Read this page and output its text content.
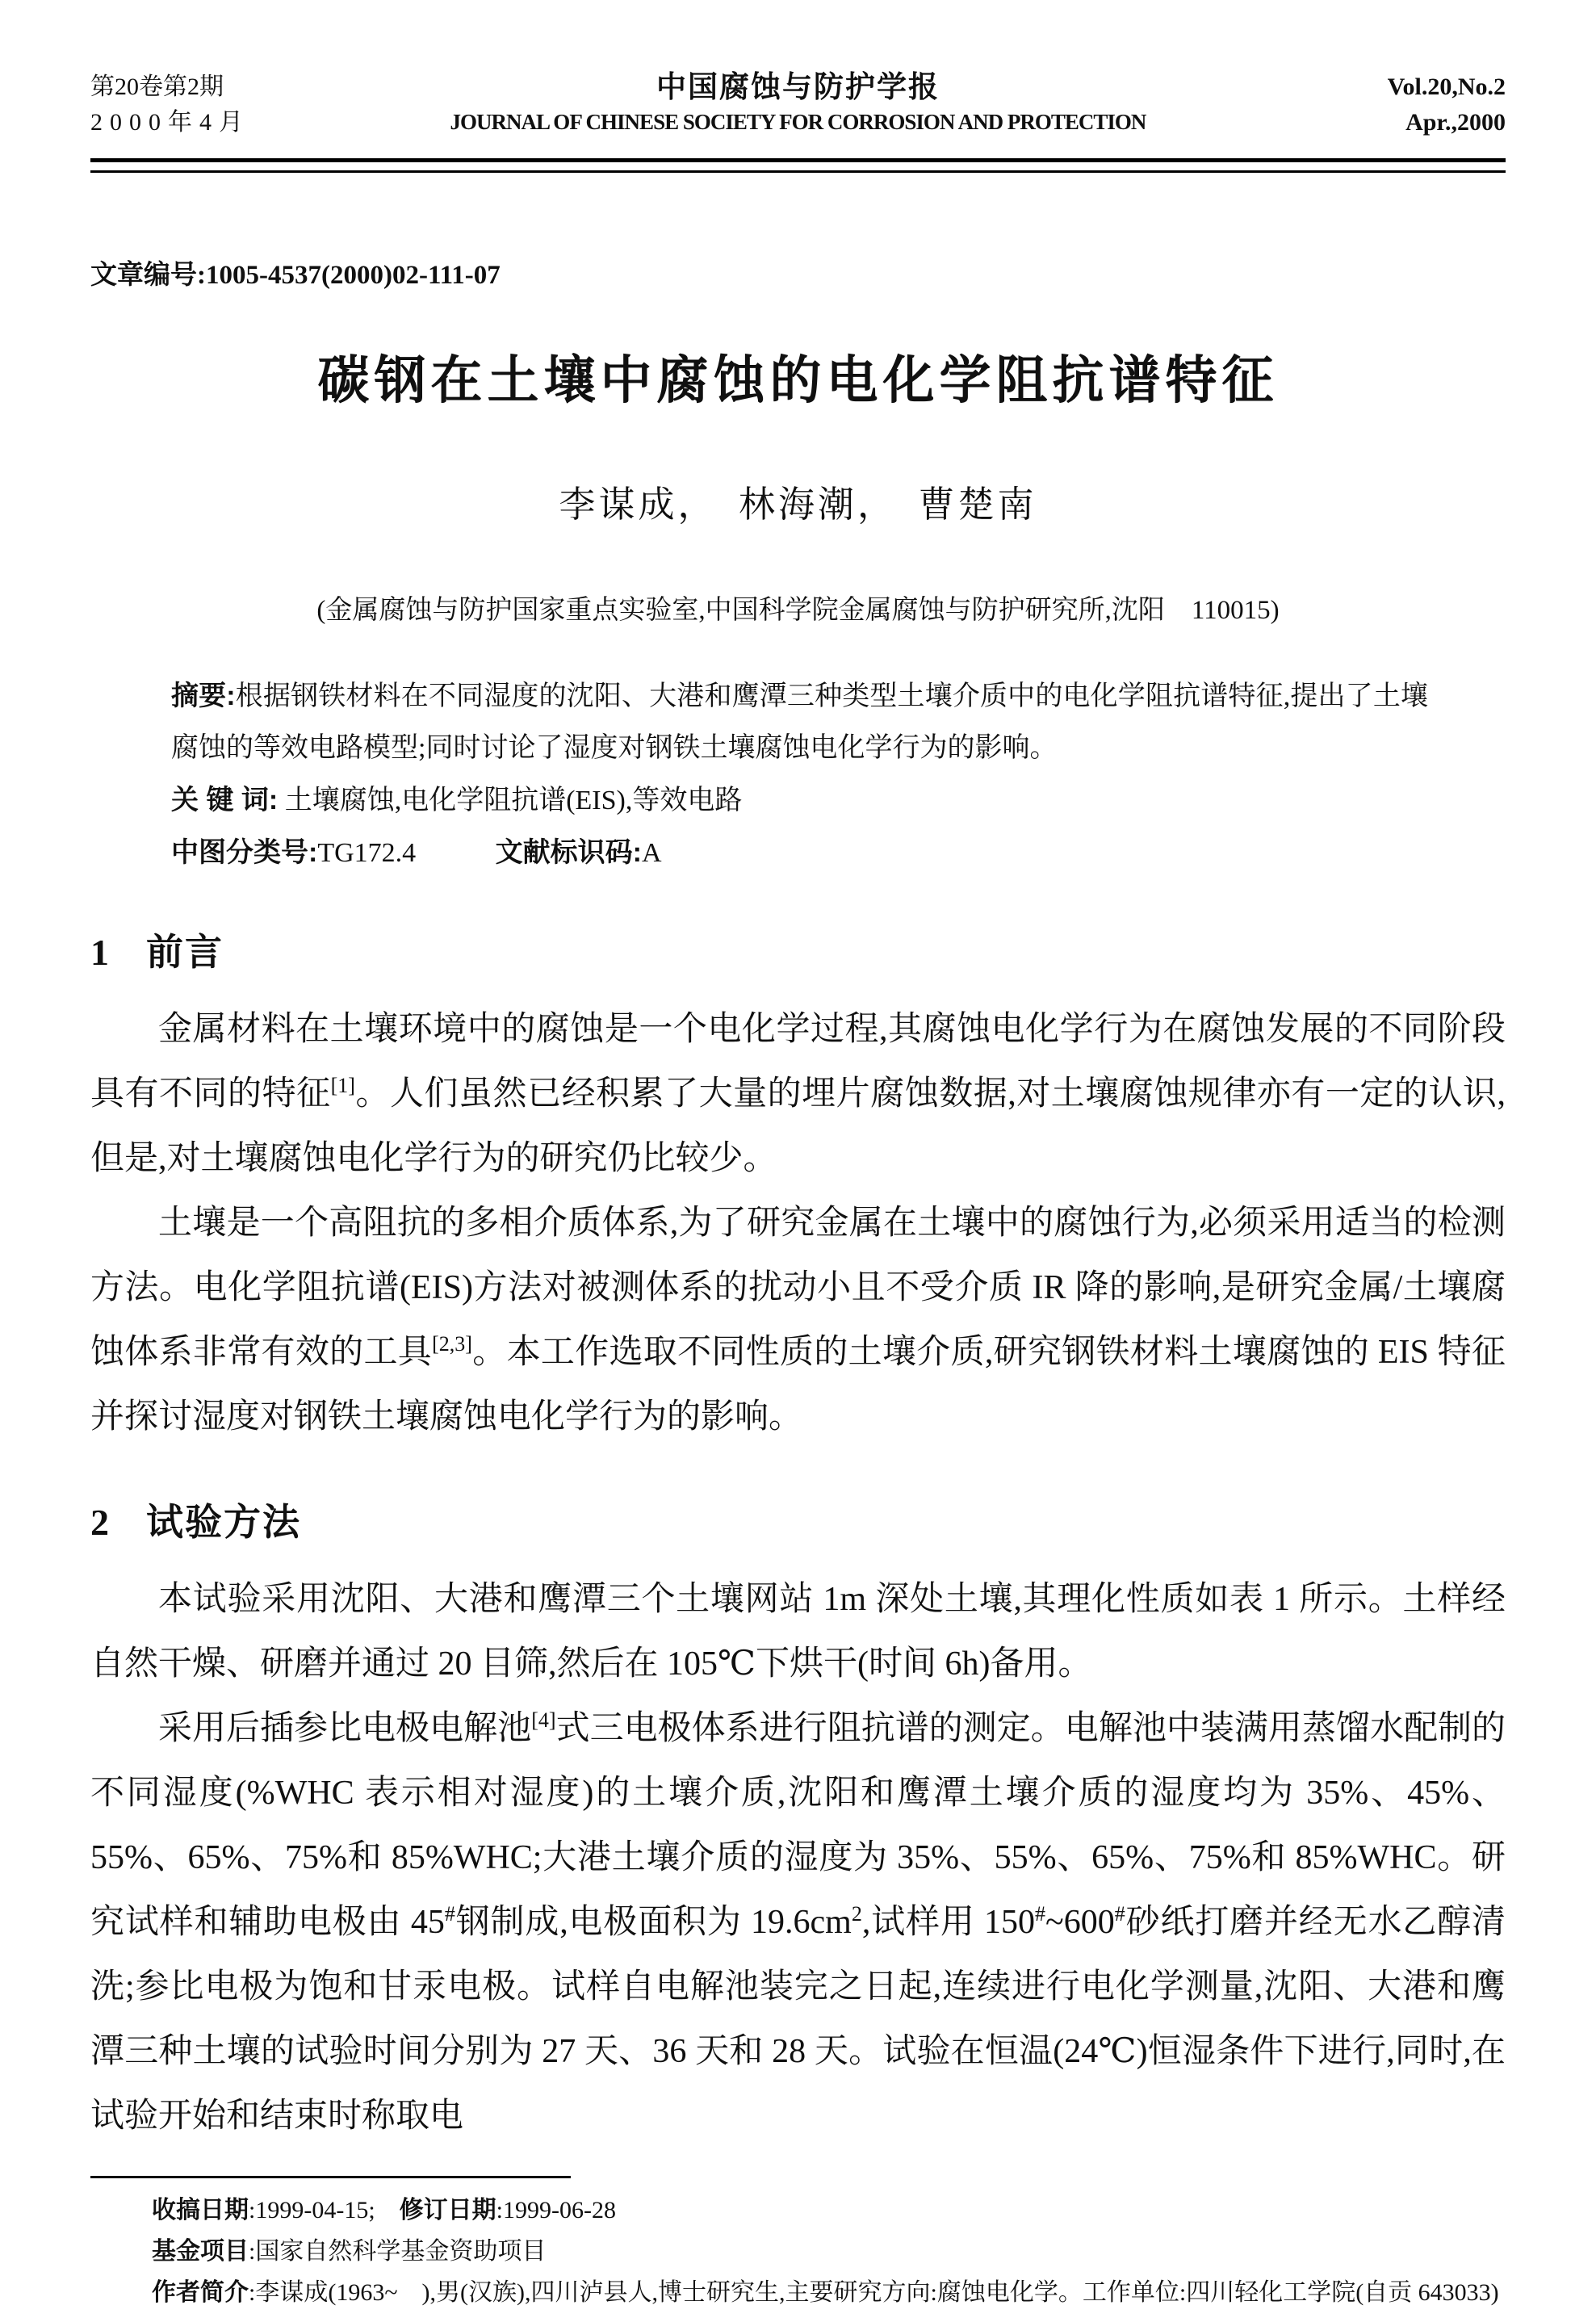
第20卷第2期
2000年4月
中国腐蚀与防护学报
JOURNAL OF CHINESE SOCIETY FOR CORROSION AND PROTECTION
Vol.20,No.2
Apr.,2000
文章编号:1005-4537(2000)02-111-07
碳钢在土壤中腐蚀的电化学阻抗谱特征
李谋成，　林海潮，　曹楚南
(金属腐蚀与防护国家重点实验室,中国科学院金属腐蚀与防护研究所,沈阳　110015)
摘要:根据钢铁材料在不同湿度的沈阳、大港和鹰潭三种类型土壤介质中的电化学阻抗谱特征,提出了土壤腐蚀的等效电路模型;同时讨论了湿度对钢铁土壤腐蚀电化学行为的影响。
关 键 词: 土壤腐蚀,电化学阻抗谱(EIS),等效电路
中图分类号:TG172.4	文献标识码:A
1 前言

金属材料在土壤环境中的腐蚀是一个电化学过程,其腐蚀电化学行为在腐蚀发展的不同阶段具有不同的特征[1]。人们虽然已经积累了大量的埋片腐蚀数据,对土壤腐蚀规律亦有一定的认识,但是,对土壤腐蚀电化学行为的研究仍比较少。

土壤是一个高阻抗的多相介质体系,为了研究金属在土壤中的腐蚀行为,必须采用适当的检测方法。电化学阻抗谱(EIS)方法对被测体系的扰动小且不受介质 IR 降的影响,是研究金属/土壤腐蚀体系非常有效的工具[2,3]。本工作选取不同性质的土壤介质,研究钢铁材料土壤腐蚀的 EIS 特征并探讨湿度对钢铁土壤腐蚀电化学行为的影响。

2 试验方法

本试验采用沈阳、大港和鹰潭三个土壤网站 1m 深处土壤,其理化性质如表 1 所示。土样经自然干燥、研磨并通过 20 目筛,然后在 105℃下烘干(时间 6h)备用。

采用后插参比电极电解池[4]式三电极体系进行阻抗谱的测定。电解池中装满用蒸馏水配制的不同湿度(%WHC 表示相对湿度)的土壤介质,沈阳和鹰潭土壤介质的湿度均为 35%、45%、55%、65%、75%和 85%WHC;大港土壤介质的湿度为 35%、55%、65%、75%和 85%WHC。研究试样和辅助电极由 45#钢制成,电极面积为 $19.6cm^2$,试样用 150#~600#砂纸打磨并经无水乙醇清洗;参比电极为饱和甘汞电极。试样自电解池装完之日起,连续进行电化学测量,沈阳、大港和鹰潭三种土壤的试验时间分别为 27 天、36 天和 28 天。试验在恒温(24℃)恒湿条件下进行,同时,在试验开始和结束时称取电

收搞日期:1999-04-15;　修订日期:1999-06-28
基金项目:国家自然科学基金资助项目
作者简介:李谋成(1963~　),男(汉族),四川泸县人,博士研究生,主要研究方向:腐蚀电化学。工作单位:四川轻化工学院(自贡 643033)
